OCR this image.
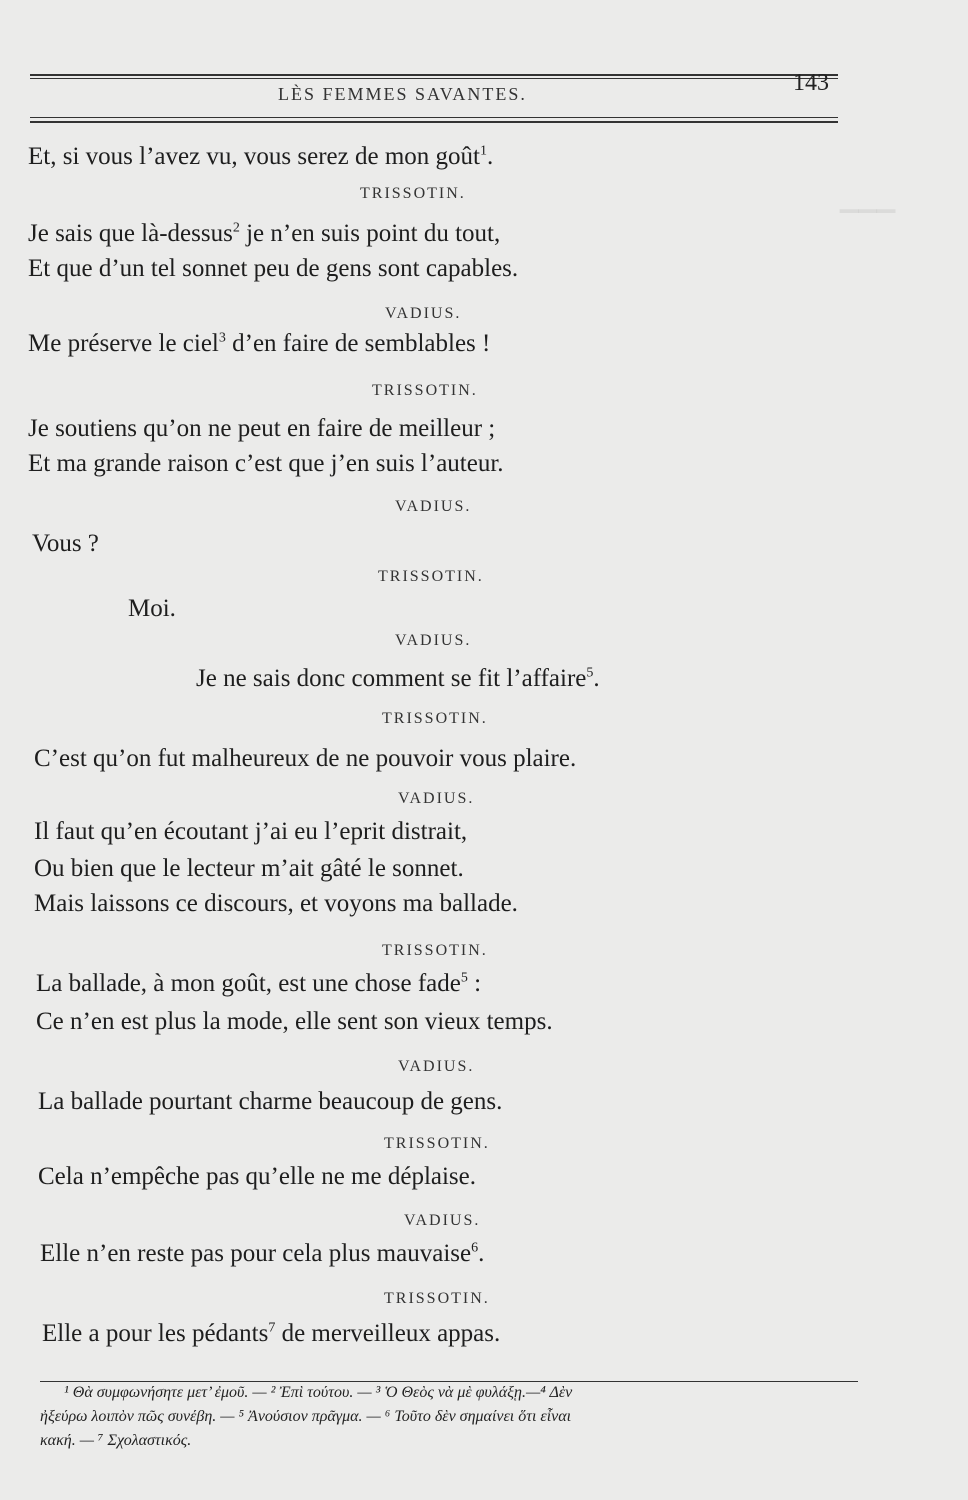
▁▁▁
LÈS FEMMES SAVANTES.	143
Et, si vous l’avez vu, vous serez de mon goût$^1$.
TRISSOTIN.
Je sais que là-dessus$^2$ je n’en suis point du tout,
Et que d’un tel sonnet peu de gens sont capables.
VADIUS.
Me préserve le ciel$^3$ d’en faire de semblables !
TRISSOTIN.
Je soutiens qu’on ne peut en faire de meilleur ;
Et ma grande raison c’est que j’en suis l’auteur.
VADIUS.
Vous ?
TRISSOTIN.
Moi.
VADIUS.
Je ne sais donc comment se fit l’affaire$^5$.
TRISSOTIN.
C’est qu’on fut malheureux de ne pouvoir vous plaire.
VADIUS.
Il faut qu’en écoutant j’ai eu l’eprit distrait,
Ou bien que le lecteur m’ait gâté le sonnet.
Mais laissons ce discours, et voyons ma ballade.
TRISSOTIN.
La ballade, à mon goût, est une chose fade$^5$ :
Ce n’en est plus la mode, elle sent son vieux temps.
VADIUS.
La ballade pourtant charme beaucoup de gens.
TRISSOTIN.
Cela n’empêche pas qu’elle ne me déplaise.
VADIUS.
Elle n’en reste pas pour cela plus mauvaise$^6$.
TRISSOTIN.
Elle a pour les pédants$^7$ de merveilleux appas.
¹ Θὰ συμφωνήσητε μετ’ ἐμοῦ. — ² Ἐπὶ τούτου. — ³ Ὁ Θεὸς νὰ μὲ φυλάξῃ.—⁴ Δὲν
ἠξεύρω λοιπὸν πῶς συνέβη. — ⁵ Ἀνούσιον πρᾶγμα. — ⁶ Τοῦτο δὲν σημαίνει ὅτι εἶναι
κακή. — ⁷ Σχολαστικός.
